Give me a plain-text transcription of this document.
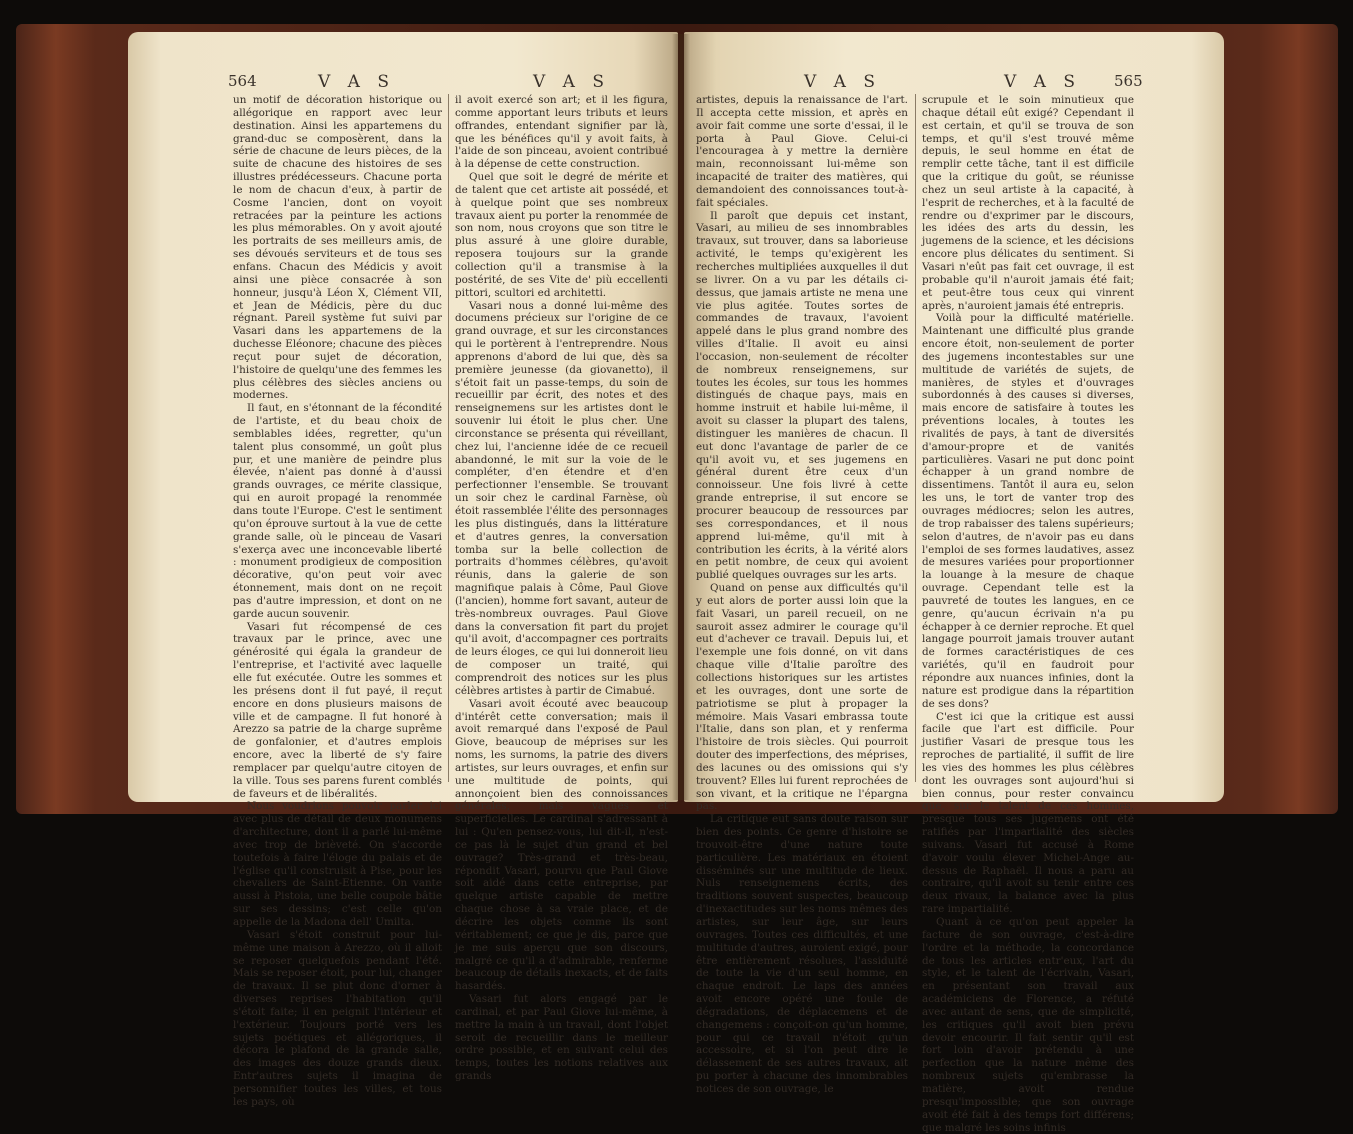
564	V A S	V A S

un motif de décoration historique ou allégorique en rapport avec leur destination. Ainsi les appartemens du grand-duc se composèrent, dans la série de chacune de leurs pièces, de la suite de chacune des histoires de ses illustres prédécesseurs. Chacune porta le nom de chacun d'eux, à partir de Cosme l'ancien, dont on voyoit retracées par la peinture les actions les plus mémorables. On y avoit ajouté les portraits de ses meilleurs amis, de ses dévoués serviteurs et de tous ses enfans. Chacun des Médicis y avoit ainsi une pièce consacrée à son honneur, jusqu'à Léon X, Clément VII, et Jean de Médicis, père du duc régnant. Pareil système fut suivi par Vasari dans les appartemens de la duchesse Eléonore; chacune des pièces reçut pour sujet de décoration, l'histoire de quelqu'une des femmes les plus célèbres des siècles anciens ou modernes.

Il faut, en s'étonnant de la fécondité de l'artiste, et du beau choix de semblables idées, regretter, qu'un talent plus consommé, un goût plus pur, et une manière de peindre plus élevée, n'aient pas donné à d'aussi grands ouvrages, ce mérite classique, qui en auroit propagé la renommée dans toute l'Europe. C'est le sentiment qu'on éprouve surtout à la vue de cette grande salle, où le pinceau de Vasari s'exerça avec une inconcevable liberté : monument prodigieux de composition décorative, qu'on peut voir avec étonnement, mais dont on ne reçoit pas d'autre impression, et dont on ne garde aucun souvenir.

Vasari fut récompensé de ces travaux par le prince, avec une générosité qui égala la grandeur de l'entreprise, et l'activité avec laquelle elle fut exécutée. Outre les sommes et les présens dont il fut payé, il reçut encore en dons plusieurs maisons de ville et de campagne. Il fut honoré à Arezzo sa patrie de la charge suprême de gonfalonier, et d'autres emplois encore, avec la liberté de s'y faire remplacer par quelqu'autre citoyen de la ville. Tous ses parens furent comblés de faveurs et de libéralités.

Nous voudrions pouvoir parler ici avec plus de détail de deux monumens d'architecture, dont il a parlé lui-même avec trop de brièveté. On s'accorde toutefois à faire l'éloge du palais et de l'église qu'il construisit à Pise, pour les chevaliers de Saint-Etienne. On vante aussi à Pistoia, une belle coupole bâtie sur ses dessins; c'est celle qu'on appelle de la Madona dell' Umilta.

Vasari s'étoit construit pour lui-même une maison à Arezzo, où il alloit se reposer quelquefois pendant l'été. Mais se reposer étoit, pour lui, changer de travaux. Il se plut donc d'orner à diverses reprises l'habitation qu'il s'étoit faite; il en peignit l'intérieur et l'extérieur. Toujours porté vers les sujets poétiques et allégoriques, il décora le plafond de la grande salle, des images des douze grands dieux. Entr'autres sujets il imagina de personnifier toutes les villes, et tous les pays, où

il avoit exercé son art; et il les figura, comme apportant leurs tributs et leurs offrandes, entendant signifier par là, que les bénéfices qu'il y avoit faits, à l'aide de son pinceau, avoient contribué à la dépense de cette construction.

Quel que soit le degré de mérite et de talent que cet artiste ait possédé, et à quelque point que ses nombreux travaux aient pu porter la renommée de son nom, nous croyons que son titre le plus assuré à une gloire durable, reposera toujours sur la grande collection qu'il a transmise à la postérité, de ses Vite de' più eccellenti pittori, scultori ed architetti.

Vasari nous a donné lui-même des documens précieux sur l'origine de ce grand ouvrage, et sur les circonstances qui le portèrent à l'entreprendre. Nous apprenons d'abord de lui que, dès sa première jeunesse (da giovanetto), il s'étoit fait un passe-temps, du soin de recueillir par écrit, des notes et des renseignemens sur les artistes dont le souvenir lui étoit le plus cher. Une circonstance se présenta qui réveillant, chez lui, l'ancienne idée de ce recueil abandonné, le mit sur la voie de le compléter, d'en étendre et d'en perfectionner l'ensemble. Se trouvant un soir chez le cardinal Farnèse, où étoit rassemblée l'élite des personnages les plus distingués, dans la littérature et d'autres genres, la conversation tomba sur la belle collection de portraits d'hommes célèbres, qu'avoit réunis, dans la galerie de son magnifique palais à Côme, Paul Giove (l'ancien), homme fort savant, auteur de très-nombreux ouvrages. Paul Giove dans la conversation fit part du projet qu'il avoit, d'accompagner ces portraits de leurs éloges, ce qui lui donneroit lieu de composer un traité, qui comprendroit des notices sur les plus célèbres artistes à partir de Cimabué.

Vasari avoit écouté avec beaucoup d'intérêt cette conversation; mais il avoit remarqué dans l'exposé de Paul Giove, beaucoup de méprises sur les noms, les surnoms, la patrie des divers artistes, sur leurs ouvrages, et enfin sur une multitude de points, qui annonçoient bien des connoissances générales, mais vagues et superficielles. Le cardinal s'adressant à lui : Qu'en pensez-vous, lui dit-il, n'est-ce pas là le sujet d'un grand et bel ouvrage? Très-grand et très-beau, répondit Vasari, pourvu que Paul Giove soit aidé dans cette entreprise, par quelque artiste capable de mettre chaque chose à sa vraie place, et de décrire les objets comme ils sont véritablement; ce que je dis, parce que je me suis aperçu que son discours, malgré ce qu'il a d'admirable, renferme beaucoup de détails inexacts, et de faits hasardés.

Vasari fut alors engagé par le cardinal, et par Paul Giove lui-même, à mettre la main à un travail, dont l'objet seroit de recueillir dans le meilleur ordre possible, et en suivant celui des temps, toutes les notions relatives aux grands

V A S	V A S 565

artistes, depuis la renaissance de l'art. Il accepta cette mission, et après en avoir fait comme une sorte d'essai, il le porta à Paul Giove. Celui-ci l'encouragea à y mettre la dernière main, reconnoissant lui-même son incapacité de traiter des matières, qui demandoient des connoissances tout-à-fait spéciales.

Il paroît que depuis cet instant, Vasari, au milieu de ses innombrables travaux, sut trouver, dans sa laborieuse activité, le temps qu'exigèrent les recherches multipliées auxquelles il dut se livrer. On a vu par les détails ci-dessus, que jamais artiste ne mena une vie plus agitée. Toutes sortes de commandes de travaux, l'avoient appelé dans le plus grand nombre des villes d'Italie. Il avoit eu ainsi l'occasion, non-seulement de récolter de nombreux renseignemens, sur toutes les écoles, sur tous les hommes distingués de chaque pays, mais en homme instruit et habile lui-même, il avoit su classer la plupart des talens, distinguer les manières de chacun. Il eut donc l'avantage de parler de ce qu'il avoit vu, et ses jugemens en général durent être ceux d'un connoisseur. Une fois livré à cette grande entreprise, il sut encore se procurer beaucoup de ressources par ses correspondances, et il nous apprend lui-même, qu'il mit à contribution les écrits, à la vérité alors en petit nombre, de ceux qui avoient publié quelques ouvrages sur les arts.

Quand on pense aux difficultés qu'il y eut alors de porter aussi loin que la fait Vasari, un pareil recueil, on ne sauroit assez admirer le courage qu'il eut d'achever ce travail. Depuis lui, et l'exemple une fois donné, on vit dans chaque ville d'Italie paroître des collections historiques sur les artistes et les ouvrages, dont une sorte de patriotisme se plut à propager la mémoire. Mais Vasari embrassa toute l'Italie, dans son plan, et y renferma l'histoire de trois siècles. Qui pourroit douter des imperfections, des méprises, des lacunes ou des omissions qui s'y trouvent? Elles lui furent reprochées de son vivant, et la critique ne l'épargna pas.

La critique eut sans doute raison sur bien des points. Ce genre d'histoire se trouvoit-être d'une nature toute particulière. Les matériaux en étoient disséminés sur une multitude de lieux. Nuls renseignemens écrits, des traditions souvent suspectes, beaucoup d'inexactitudes sur les noms mêmes des artistes, sur leur âge, sur leurs ouvrages. Toutes ces difficultés, et une multitude d'autres, auroient exigé, pour être entièrement résolues, l'assiduité de toute la vie d'un seul homme, en chaque endroit. Le laps des années avoit encore opéré une foule de dégradations, de déplacemens et de changemens : conçoit-on qu'un homme, pour qui ce travail n'étoit qu'un accessoire, et si l'on peut dire le délassement de ses autres travaux, ait pu porter à chacune des innombrables notices de son ouvrage, le

scrupule et le soin minutieux que chaque détail eût exigé? Cependant il est certain, et qu'il se trouva de son temps, et qu'il s'est trouvé même depuis, le seul homme en état de remplir cette tâche, tant il est difficile que la critique du goût, se réunisse chez un seul artiste à la capacité, à l'esprit de recherches, et à la faculté de rendre ou d'exprimer par le discours, les idées des arts du dessin, les jugemens de la science, et les décisions encore plus délicates du sentiment. Si Vasari n'eût pas fait cet ouvrage, il est probable qu'il n'auroit jamais été fait; et peut-être tous ceux qui vinrent après, n'auroient jamais été entrepris.

Voilà pour la difficulté matérielle. Maintenant une difficulté plus grande encore étoit, non-seulement de porter des jugemens incontestables sur une multitude de variétés de sujets, de manières, de styles et d'ouvrages subordonnés à des causes si diverses, mais encore de satisfaire à toutes les préventions locales, à toutes les rivalités de pays, à tant de diversités d'amour-propre et de vanités particulières. Vasari ne put donc point échapper à un grand nombre de dissentimens. Tantôt il aura eu, selon les uns, le tort de vanter trop des ouvrages médiocres; selon les autres, de trop rabaisser des talens supérieurs; selon d'autres, de n'avoir pas eu dans l'emploi de ses formes laudatives, assez de mesures variées pour proportionner la louange à la mesure de chaque ouvrage. Cependant telle est la pauvreté de toutes les langues, en ce genre, qu'aucun écrivain n'a pu échapper à ce dernier reproche. Et quel langage pourroit jamais trouver autant de formes caractéristiques de ces variétés, qu'il en faudroit pour répondre aux nuances infinies, dont la nature est prodigue dans la répartition de ses dons?

C'est ici que la critique est aussi facile que l'art est difficile. Pour justifier Vasari de presque tous les reproches de partialité, il suffit de lire les vies des hommes les plus célèbres dont les ouvrages sont aujourd'hui si bien connus, pour rester convaincu que, sur le talent de ces hommes, presque tous ses jugemens ont été ratifiés par l'impartialité des siècles suivans. Vasari fut accusé à Rome d'avoir voulu élever Michel-Ange au-dessus de Raphaël. Il nous a paru au contraire, qu'il avoit su tenir entre ces deux rivaux, la balance avec la plus rare impartialité.

Quant à ce qu'on peut appeler la facture de son ouvrage, c'est-à-dire l'ordre et la méthode, la concordance de tous les articles entr'eux, l'art du style, et le talent de l'écrivain, Vasari, en présentant son travail aux académiciens de Florence, a réfuté avec autant de sens, que de simplicité, les critiques qu'il avoit bien prévu devoir encourir. Il fait sentir qu'il est fort loin d'avoir prétendu à une perfection que la nature même des nombreux sujets qu'embrasse la matière, avoit rendue presqu'impossible; que son ouvrage avoit été fait à des temps fort différens; que malgré les soins infinis
